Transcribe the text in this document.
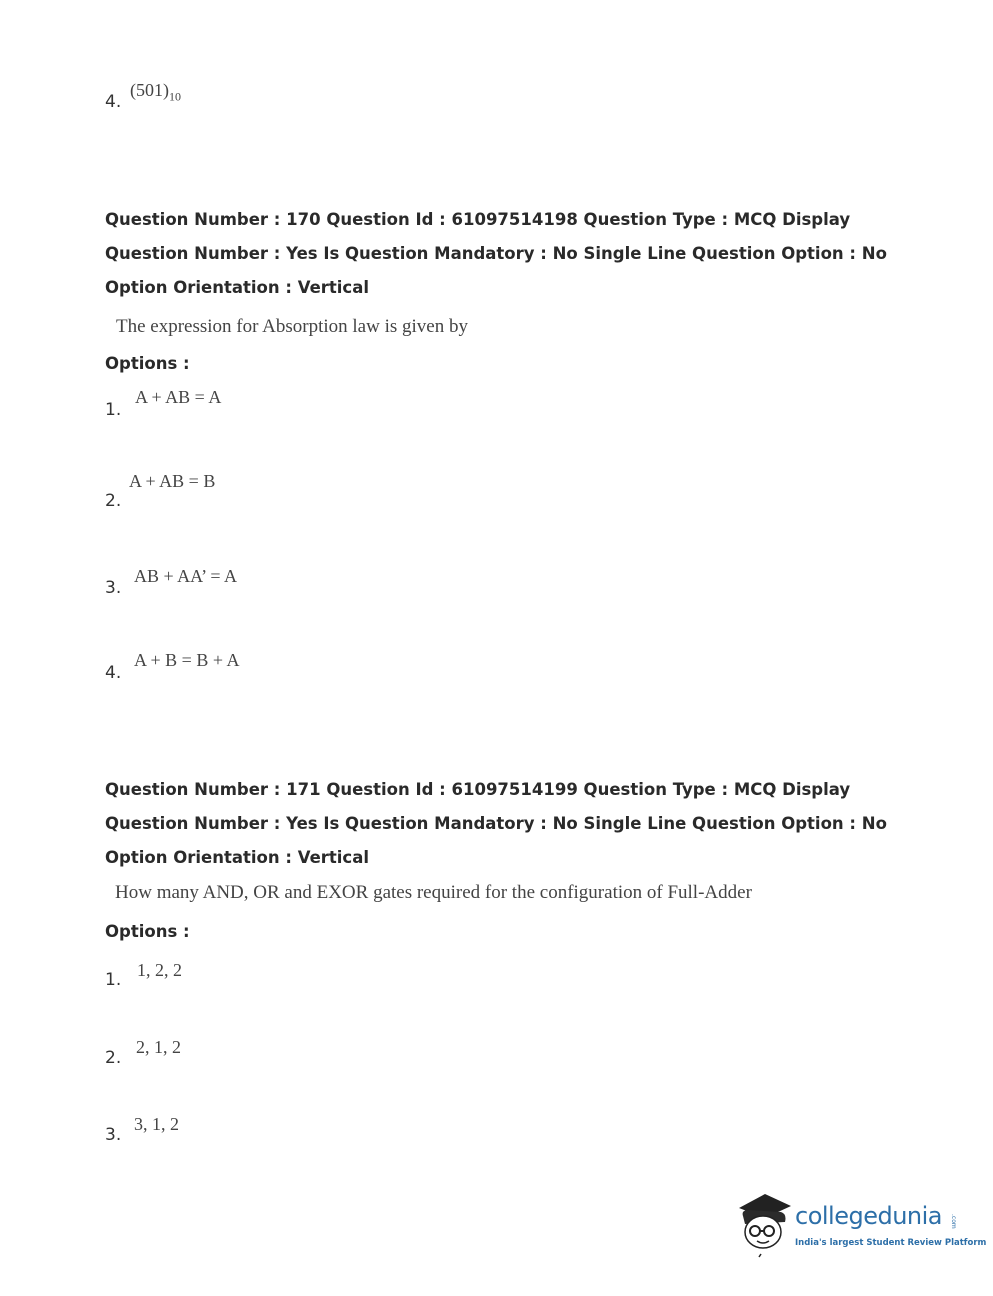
4.
$(501)_{10}$
Question Number : 170 Question Id : 61097514198 Question Type : MCQ Display Question Number : Yes Is Question Mandatory : No Single Line Question Option : No Option Orientation : Vertical
The expression for Absorption law is given by
Options :
1.
A + AB = A
2.
A + AB = B
3.
AB + AA’ = A
4.
A + B = B + A
Question Number : 171 Question Id : 61097514199 Question Type : MCQ Display Question Number : Yes Is Question Mandatory : No Single Line Question Option : No Option Orientation : Vertical
How many AND, OR and EXOR gates required for the configuration of Full-Adder
Options :
1. 1, 2, 2
2.
2, 1, 2
3.
3, 1, 2
collegedunia .com
India's largest Student Review Platform
